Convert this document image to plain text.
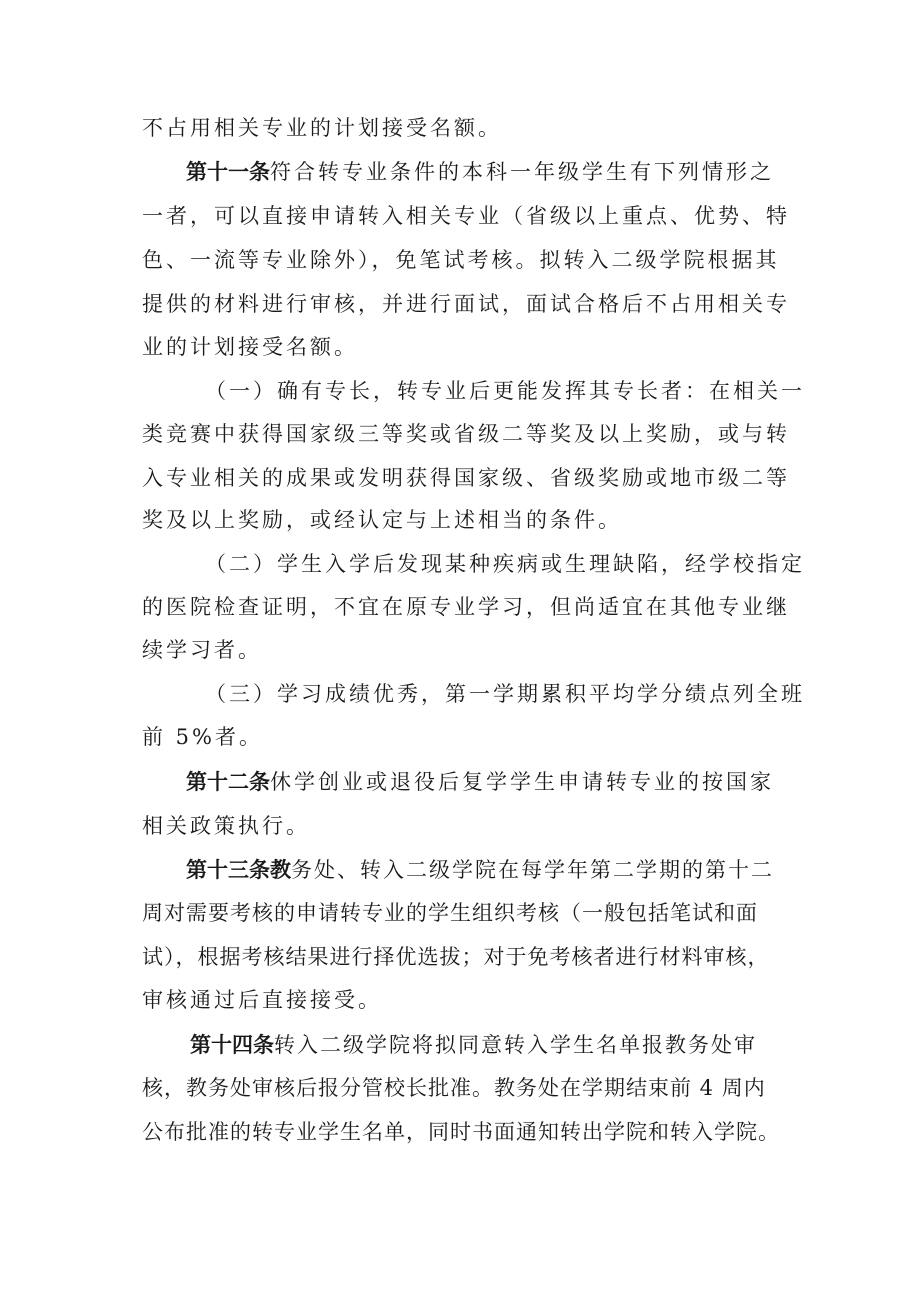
不占用相关专业的计划接受名额。
第十一条符合转专业条件的本科一年级学生有下列情形之
一者，可以直接申请转入相关专业（省级以上重点、优势、特
色、一流等专业除外），免笔试考核。拟转入二级学院根据其
提供的材料进行审核，并进行面试，面试合格后不占用相关专
业的计划接受名额。
（一）确有专长，转专业后更能发挥其专长者：在相关一
类竞赛中获得国家级三等奖或省级二等奖及以上奖励，或与转
入专业相关的成果或发明获得国家级、省级奖励或地市级二等
奖及以上奖励，或经认定与上述相当的条件。
（二）学生入学后发现某种疾病或生理缺陷，经学校指定
的医院检查证明，不宜在原专业学习，但尚适宜在其他专业继
续学习者。
（三）学习成绩优秀，第一学期累积平均学分绩点列全班
前 5%者。
第十二条休学创业或退役后复学学生申请转专业的按国家
相关政策执行。
第十三条教务处、转入二级学院在每学年第二学期的第十二
周对需要考核的申请转专业的学生组织考核（一般包括笔试和面
试），根据考核结果进行择优选拔；对于免考核者进行材料审核，
审核通过后直接接受。
第十四条转入二级学院将拟同意转入学生名单报教务处审
核，教务处审核后报分管校长批准。教务处在学期结束前 4 周内
公布批准的转专业学生名单，同时书面通知转出学院和转入学院。
